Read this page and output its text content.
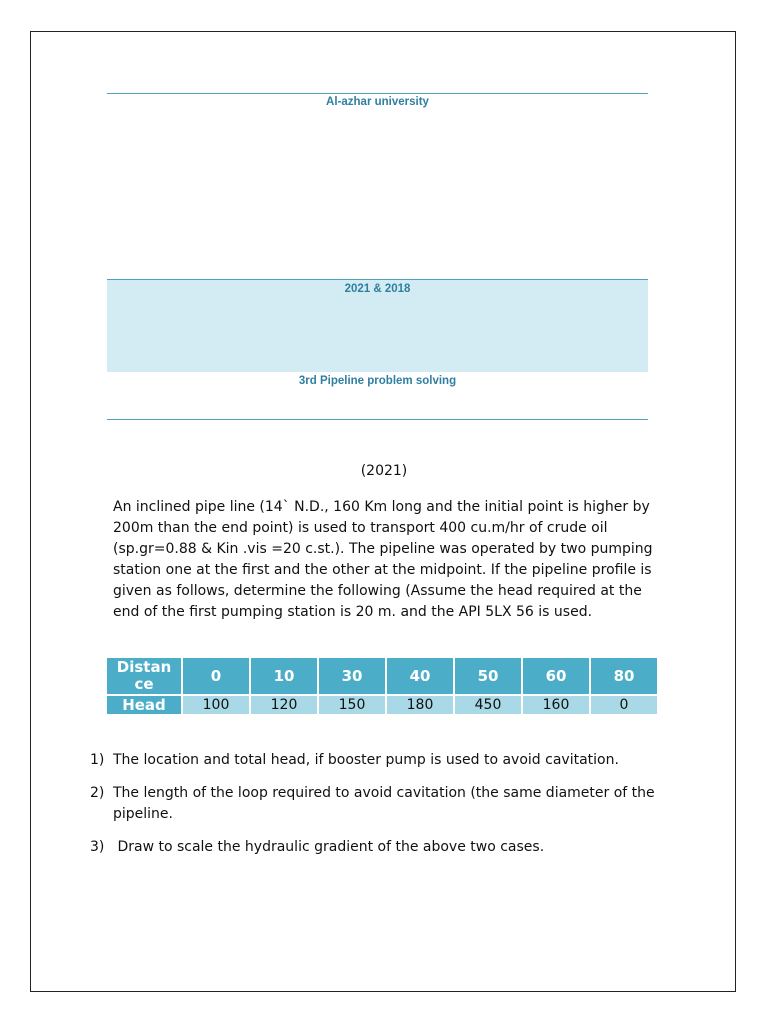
Al-azhar university
2021 & 2018
3rd Pipeline problem solving
(2021)
An inclined pipe line (14` N.D., 160 Km long and the initial point is higher by 200m than the end point) is used to transport 400 cu.m/hr of crude oil (sp.gr=0.88 & Kin .vis =20 c.st.). The pipeline was operated by two pumping station one at the first and the other at the midpoint. If the pipeline profile is given as follows, determine the following (Assume the head required at the end of the first pumping station is 20 m. and the API 5LX 56 is used.
Distan
ce	0	10	30	40	50	60	80
Head	100	120	150	180	450	160	0
1) The location and total head, if booster pump is used to avoid cavitation.
2) The length of the loop required to avoid cavitation (the same diameter of the pipeline.
3) Draw to scale the hydraulic gradient of the above two cases.
